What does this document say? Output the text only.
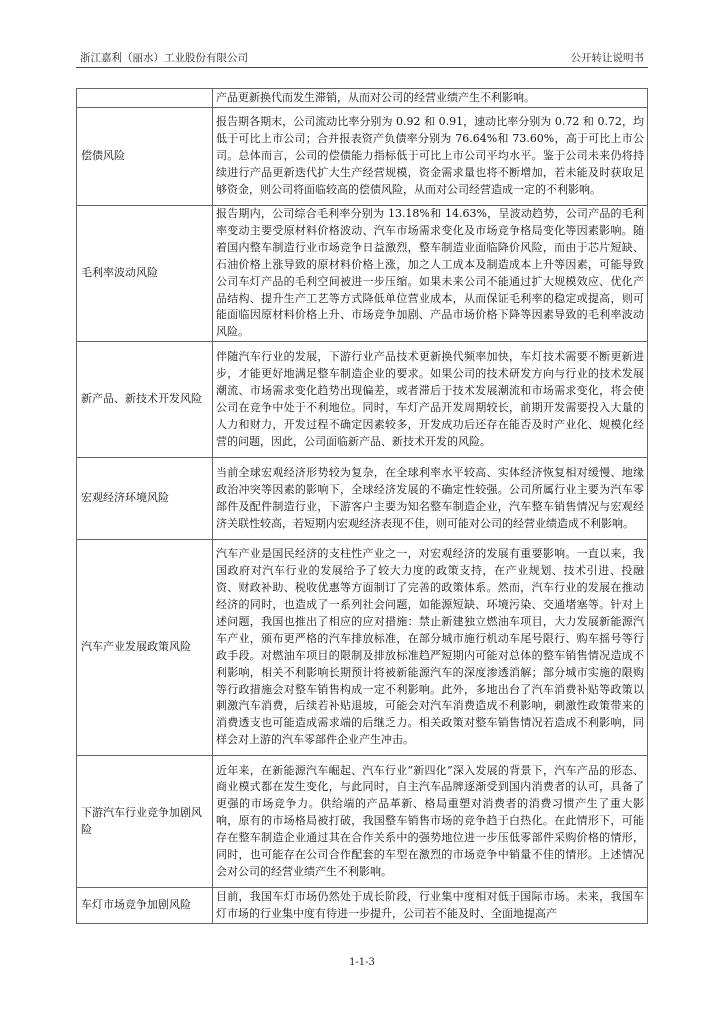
浙江嘉利（丽水）工业股份有限公司	公开转让说明书
	产品更新换代而发生滞销，从而对公司的经营业绩产生不利影响。
偿债风险	报告期各期末，公司流动比率分别为 0.92 和 0.91，速动比率分别为 0.72 和 0.72，均低于可比上市公司；合并报表资产负债率分别为 76.64%和 73.60%，高于可比上市公司。总体而言，公司的偿债能力指标低于可比上市公司平均水平。鉴于公司未来仍将持续进行产品更新迭代扩大生产经营规模，资金需求量也将不断增加，若未能及时获取足够资金，则公司将面临较高的偿债风险，从而对公司经营造成一定的不利影响。
毛利率波动风险	报告期内，公司综合毛利率分别为 13.18%和 14.63%，呈波动趋势，公司产品的毛利率变动主要受原材料价格波动、汽车市场需求变化及市场竞争格局变化等因素影响。随着国内整车制造行业市场竞争日益激烈，整车制造业面临降价风险，而由于芯片短缺、石油价格上涨导致的原材料价格上涨，加之人工成本及制造成本上升等因素，可能导致公司车灯产品的毛利空间被进一步压缩。如果未来公司不能通过扩大规模效应、优化产品结构、提升生产工艺等方式降低单位营业成本，从而保证毛利率的稳定或提高，则可能面临因原材料价格上升、市场竞争加剧、产品市场价格下降等因素导致的毛利率波动风险。
新产品、新技术开发风险	伴随汽车行业的发展，下游行业产品技术更新换代频率加快，车灯技术需要不断更新进步，才能更好地满足整车制造企业的要求。如果公司的技术研发方向与行业的技术发展潮流、市场需求变化趋势出现偏差，或者滞后于技术发展潮流和市场需求变化，将会使公司在竞争中处于不利地位。同时，车灯产品开发周期较长，前期开发需要投入大量的人力和财力，开发过程不确定因素较多，开发成功后还存在能否及时产业化、规模化经营的问题，因此，公司面临新产品、新技术开发的风险。
宏观经济环境风险	当前全球宏观经济形势较为复杂，在全球利率水平较高、实体经济恢复相对缓慢、地缘政治冲突等因素的影响下，全球经济发展的不确定性较强。公司所属行业主要为汽车零部件及配件制造行业，下游客户主要为知名整车制造企业，汽车整车销售情况与宏观经济关联性较高，若短期内宏观经济表现不佳，则可能对公司的经营业绩造成不利影响。
汽车产业发展政策风险	汽车产业是国民经济的支柱性产业之一，对宏观经济的发展有重要影响。一直以来，我国政府对汽车行业的发展给予了较大力度的政策支持，在产业规划、技术引进、投融资、财政补助、税收优惠等方面制订了完善的政策体系。然而，汽车行业的发展在推动经济的同时，也造成了一系列社会问题，如能源短缺、环境污染、交通堵塞等。针对上述问题，我国也推出了相应的应对措施：禁止新建独立燃油车项目，大力发展新能源汽车产业，颁布更严格的汽车排放标准，在部分城市施行机动车尾号限行、购车摇号等行政手段。对燃油车项目的限制及排放标准趋严短期内可能对总体的整车销售情况造成不利影响，相关不利影响长期预计将被新能源汽车的深度渗透消解；部分城市实施的限购等行政措施会对整车销售构成一定不利影响。此外，多地出台了汽车消费补贴等政策以刺激汽车消费，后续若补贴退坡，可能会对汽车消费造成不利影响，刺激性政策带来的消费透支也可能造成需求端的后继乏力。相关政策对整车销售情况若造成不利影响，同样会对上游的汽车零部件企业产生冲击。
下游汽车行业竞争加剧风险	近年来，在新能源汽车崛起、汽车行业“新四化”深入发展的背景下，汽车产品的形态、商业模式都在发生变化，与此同时，自主汽车品牌逐渐受到国内消费者的认可，具备了更强的市场竞争力。供给端的产品革新、格局重塑对消费者的消费习惯产生了重大影响，原有的市场格局被打破，我国整车销售市场的竞争趋于白热化。在此情形下，可能存在整车制造企业通过其在合作关系中的强势地位进一步压低零部件采购价格的情形，同时，也可能存在公司合作配套的车型在激烈的市场竞争中销量不佳的情形。上述情况会对公司的经营业绩产生不利影响。
车灯市场竞争加剧风险	目前，我国车灯市场仍然处于成长阶段，行业集中度相对低于国际市场。未来，我国车灯市场的行业集中度有待进一步提升，公司若不能及时、全面地提高产
1-1-3
